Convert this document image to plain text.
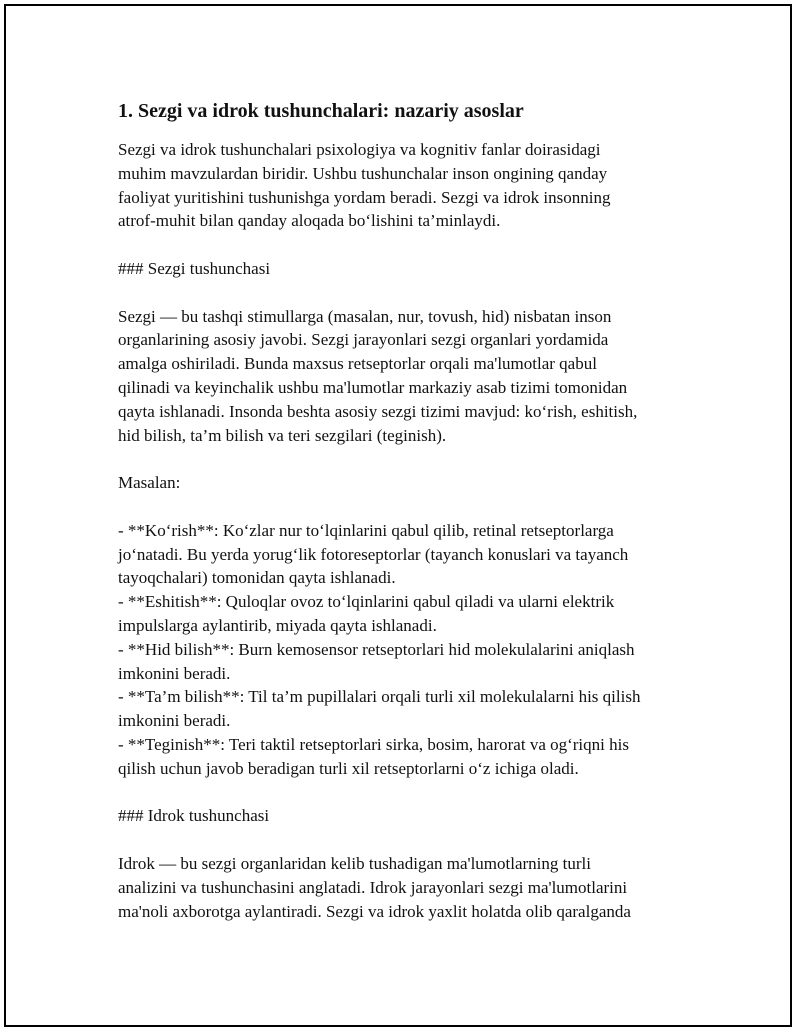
1. Sezgi va idrok tushunchalari: nazariy asoslar
Sezgi va idrok tushunchalari psixologiya va kognitiv fanlar doirasidagi
muhim mavzulardan biridir. Ushbu tushunchalar inson ongining qanday
faoliyat yuritishini tushunishga yordam beradi. Sezgi va idrok insonning
atrof-muhit bilan qanday aloqada bo‘lishini ta’minlaydi.
### Sezgi tushunchasi
Sezgi — bu tashqi stimullarga (masalan, nur, tovush, hid) nisbatan inson
organlarining asosiy javobi. Sezgi jarayonlari sezgi organlari yordamida
amalga oshiriladi. Bunda maxsus retseptorlar orqali ma'lumotlar qabul
qilinadi va keyinchalik ushbu ma'lumotlar markaziy asab tizimi tomonidan
qayta ishlanadi. Insonda beshta asosiy sezgi tizimi mavjud: ko‘rish, eshitish,
hid bilish, ta’m bilish va teri sezgilari (teginish).
Masalan:
- **Ko‘rish**: Ko‘zlar nur to‘lqinlarini qabul qilib, retinal retseptorlarga
jo‘natadi. Bu yerda yorug‘lik fotoreseptorlar (tayanch konuslari va tayanch
tayoqchalari) tomonidan qayta ishlanadi.
- **Eshitish**: Quloqlar ovoz to‘lqinlarini qabul qiladi va ularni elektrik
impulslarga aylantirib, miyada qayta ishlanadi.
- **Hid bilish**: Burn kemosensor retseptorlari hid molekulalarini aniqlash
imkonini beradi.
- **Ta’m bilish**: Til ta’m pupillalari orqali turli xil molekulalarni his qilish
imkonini beradi.
- **Teginish**: Teri taktil retseptorlari sirka, bosim, harorat va og‘riqni his
qilish uchun javob beradigan turli xil retseptorlarni o‘z ichiga oladi.
### Idrok tushunchasi
Idrok — bu sezgi organlaridan kelib tushadigan ma'lumotlarning turli
analizini va tushunchasini anglatadi. Idrok jarayonlari sezgi ma'lumotlarini
ma'noli axborotga aylantiradi. Sezgi va idrok yaxlit holatda olib qaralganda
